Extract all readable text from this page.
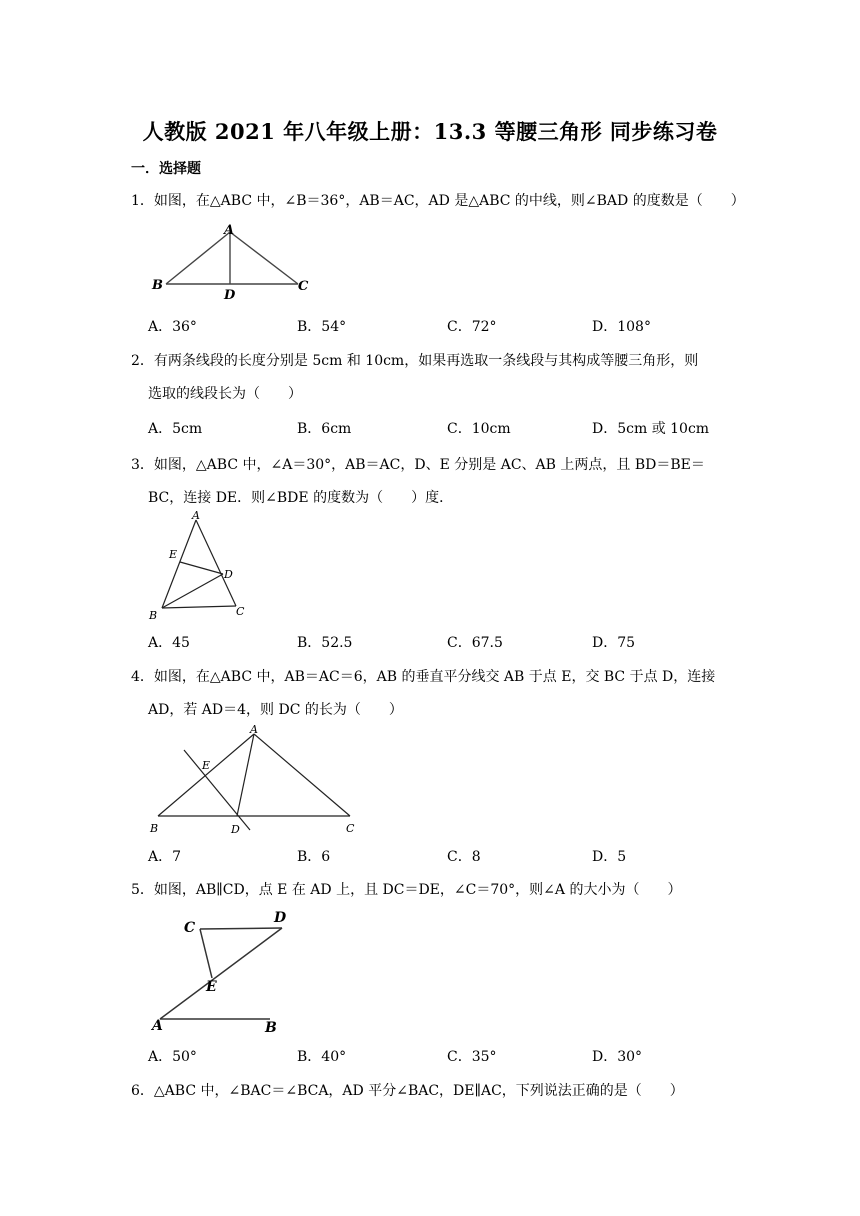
人教版 2021 年八年级上册：13.3 等腰三角形 同步练习卷
一．选择题
1．如图，在△ABC 中，∠B＝36°，AB＝AC，AD 是△ABC 的中线，则∠BAD 的度数是（　　）
A
B	C
D
A．36°	B．54°	C．72°	D．108°
2．有两条线段的长度分别是 5cm 和 10cm，如果再选取一条线段与其构成等腰三角形，则
选取的线段长为（　　）
A．5cm	B．6cm	C．10cm	D．5cm 或 10cm
3．如图，△ABC 中，∠A＝30°，AB＝AC，D、E 分别是 AC、AB 上两点，且 BD＝BE＝
BC，连接 DE．则∠BDE 的度数为（　　）度．
A
E
D
B	C
A．45	B．52.5	C．67.5	D．75
4．如图，在△ABC 中，AB＝AC＝6，AB 的垂直平分线交 AB 于点 E，交 BC 于点 D，连接
AD，若 AD＝4，则 DC 的长为（　　）
A
E
B	D	C
A．7	B．6	C．8	D．5
5．如图，AB∥CD，点 E 在 AD 上，且 DC＝DE，∠C＝70°，则∠A 的大小为（　　）
C
D
E
A	B
A．50°	B．40°	C．35°	D．30°
6．△ABC 中，∠BAC＝∠BCA，AD 平分∠BAC，DE∥AC，下列说法正确的是（　　）
